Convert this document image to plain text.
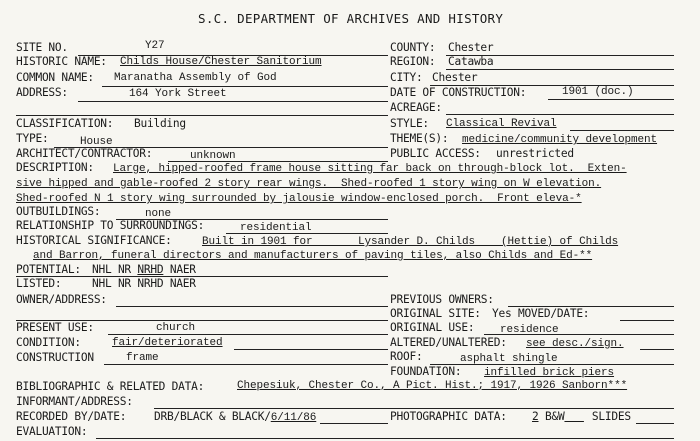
S.C. DEPARTMENT OF ARCHIVES AND HISTORY
SITE NO.	Y27
HISTORIC NAME: Childs House/Chester Sanitorium
COMMON NAME: Maranatha Assembly of God
ADDRESS:	164 York Street
CLASSIFICATION: Building
TYPE:	House
ARCHITECT/CONTRACTOR:	unknown
DESCRIPTION: Large, hipped-roofed frame house sitting far back on through-block lot.  Exten-
sive hipped and gable-roofed 2 story rear wings.  Shed-roofed 1 story wing on W elevation.
Shed-roofed N 1 story wing surrounded by jalousie window-enclosed porch.  Front eleva-*
OUTBUILDINGS:	none
RELATIONSHIP TO SURROUNDINGS:	residential
HISTORICAL SIGNIFICANCE:	Built in 1901 for       Lysander D. Childs    (Hettie) of Childs
and Barron, funeral directors and manufacturers of paving tiles, also Childs and Ed-**
POTENTIAL: NHL NR NRHD NAER
LISTED:	NHL NR NRHD NAER
OWNER/ADDRESS:
PRESENT USE:	church
CONDITION:	fair/deteriorated
CONSTRUCTION	frame
BIBLIOGRAPHIC & RELATED DATA:	Chepesiuk, Chester Co., A Pict. Hist.; 1917, 1926 Sanborn***
INFORMANT/ADDRESS:
RECORDED BY/DATE: DRB/BLACK & BLACK/6/11/86
EVALUATION:
COUNTY: Chester
REGION: Catawba
CITY: Chester
DATE OF CONSTRUCTION:	1901 (doc.)
ACREAGE:
STYLE: Classical Revival
THEME(S): medicine/community development
PUBLIC ACCESS: unrestricted
PREVIOUS OWNERS:
ORIGINAL SITE: Yes MOVED/DATE:
ORIGINAL USE: residence
ALTERED/UNALTERED: see desc./sign.
ROOF:	asphalt shingle
FOUNDATION: infilled brick piers
PHOTOGRAPHIC DATA: 2 B&W SLIDES
